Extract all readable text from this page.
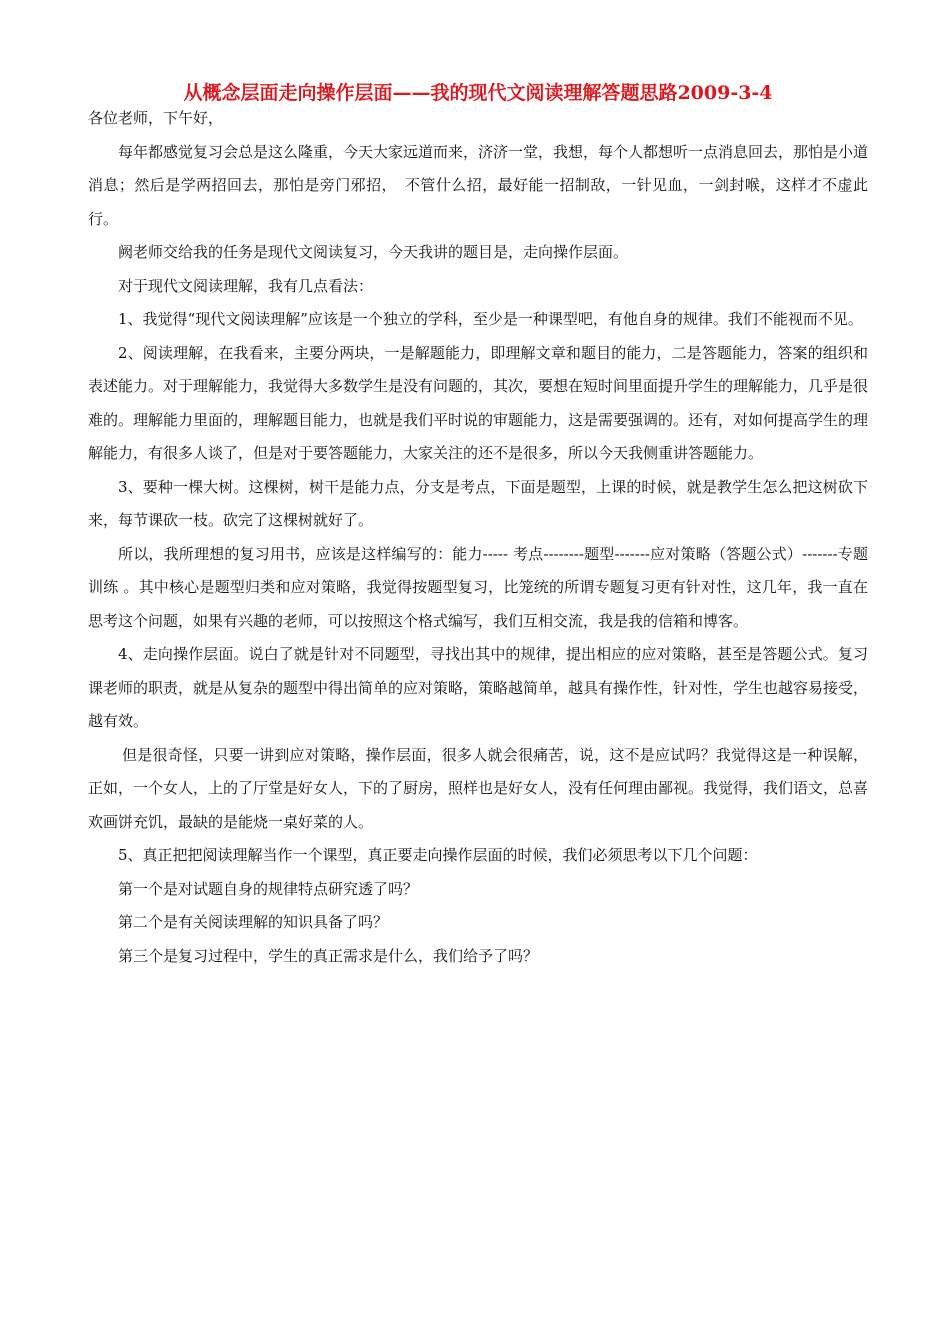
从概念层面走向操作层面——我的现代文阅读理解答题思路2009-3-4

各位老师，下午好，

每年都感觉复习会总是这么隆重，今天大家远道而来，济济一堂，我想，每个人都想听一点消息回去，那怕是小道消息；然后是学两招回去，那怕是旁门邪招，　不管什么招，最好能一招制敌，一针见血，一剑封喉，这样才不虚此行。

阙老师交给我的任务是现代文阅读复习，今天我讲的题目是，走向操作层面。

对于现代文阅读理解，我有几点看法：

1、我觉得“现代文阅读理解”应该是一个独立的学科，至少是一种课型吧，有他自身的规律。我们不能视而不见。

2、阅读理解，在我看来，主要分两块，一是解题能力，即理解文章和题目的能力，二是答题能力，答案的组织和表述能力。对于理解能力，我觉得大多数学生是没有问题的，其次，要想在短时间里面提升学生的理解能力，几乎是很难的。理解能力里面的，理解题目能力，也就是我们平时说的审题能力，这是需要强调的。还有，对如何提高学生的理解能力，有很多人谈了，但是对于要答题能力，大家关注的还不是很多，所以今天我侧重讲答题能力。

3、要种一棵大树。这棵树，树干是能力点，分支是考点，下面是题型，上课的时候，就是教学生怎么把这树砍下来，每节课砍一枝。砍完了这棵树就好了。

所以，我所理想的复习用书，应该是这样编写的：能力----- 考点--------题型-------应对策略（答题公式）-------专题训练 。其中核心是题型归类和应对策略，我觉得按题型复习，比笼统的所谓专题复习更有针对性，这几年，我一直在思考这个问题，如果有兴趣的老师，可以按照这个格式编写，我们互相交流，我是我的信箱和博客。

4、走向操作层面。说白了就是针对不同题型，寻找出其中的规律，提出相应的应对策略，甚至是答题公式。复习课老师的职责，就是从复杂的题型中得出简单的应对策略，策略越简单，越具有操作性，针对性，学生也越容易接受，越有效。

但是很奇怪，只要一讲到应对策略，操作层面，很多人就会很痛苦，说，这不是应试吗？我觉得这是一种误解，正如，一个女人，上的了厅堂是好女人，下的了厨房，照样也是好女人，没有任何理由鄙视。我觉得，我们语文，总喜欢画饼充饥，最缺的是能烧一桌好菜的人。

5、真正把把阅读理解当作一个课型，真正要走向操作层面的时候，我们必须思考以下几个问题：

第一个是对试题自身的规律特点研究透了吗？

第二个是有关阅读理解的知识具备了吗？

第三个是复习过程中，学生的真正需求是什么，我们给予了吗？
